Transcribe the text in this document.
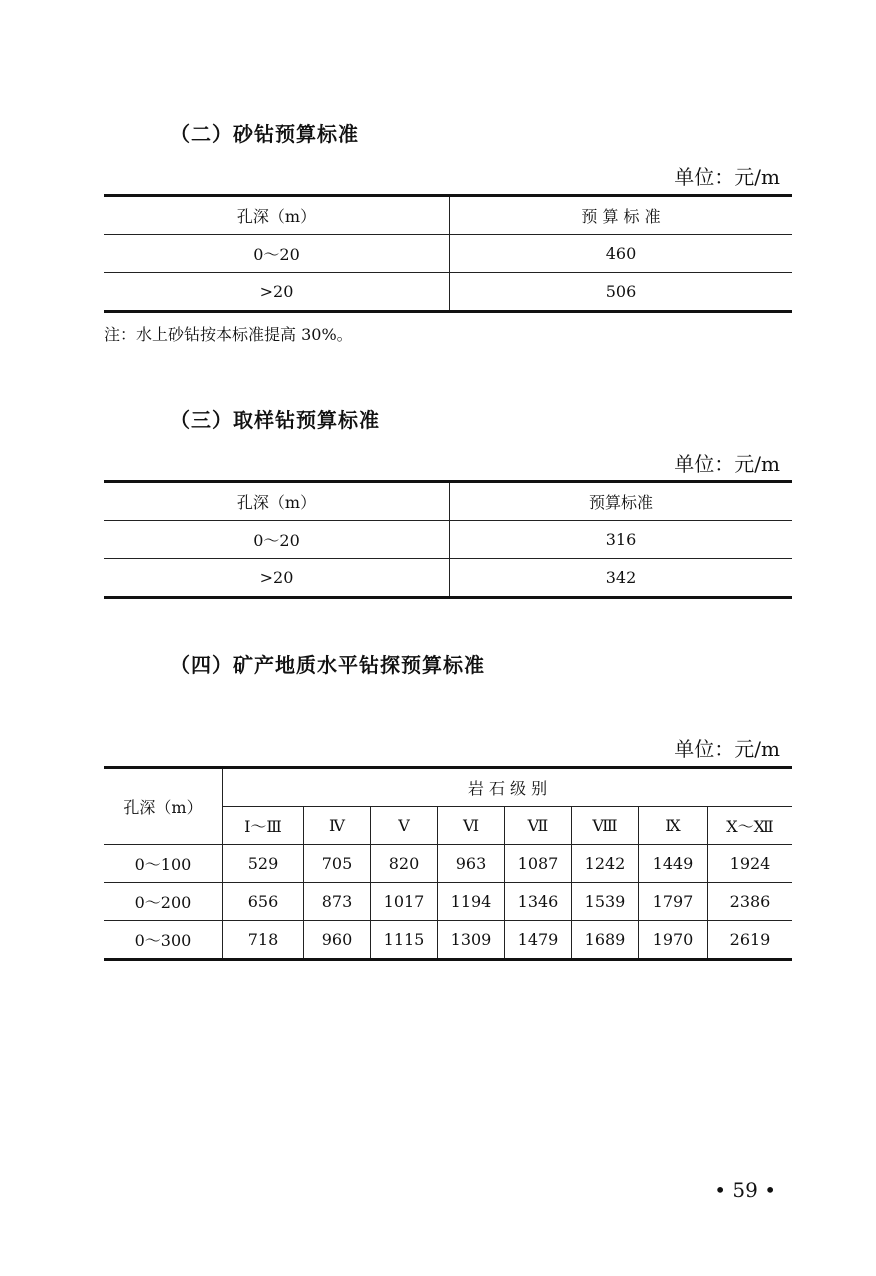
（二）砂钻预算标准
单位：元/m
孔深（m）	预 算 标 准
0～20	460
>20	506
注：水上砂钻按本标准提高 30%。
（三）取样钻预算标准
单位：元/m
孔深（m）	预算标准
0～20	316
>20	342
（四）矿产地质水平钻探预算标准
单位：元/m
孔深（m）	岩 石 级 别							
	Ⅰ～Ⅲ	Ⅳ	Ⅴ	Ⅵ	Ⅶ	Ⅷ	Ⅸ	Ⅹ～Ⅻ
0～100	529	705	820	963	1087	1242	1449	1924
0～200	656	873	1017	1194	1346	1539	1797	2386
0～300	718	960	1115	1309	1479	1689	1970	2619
• 59 •
